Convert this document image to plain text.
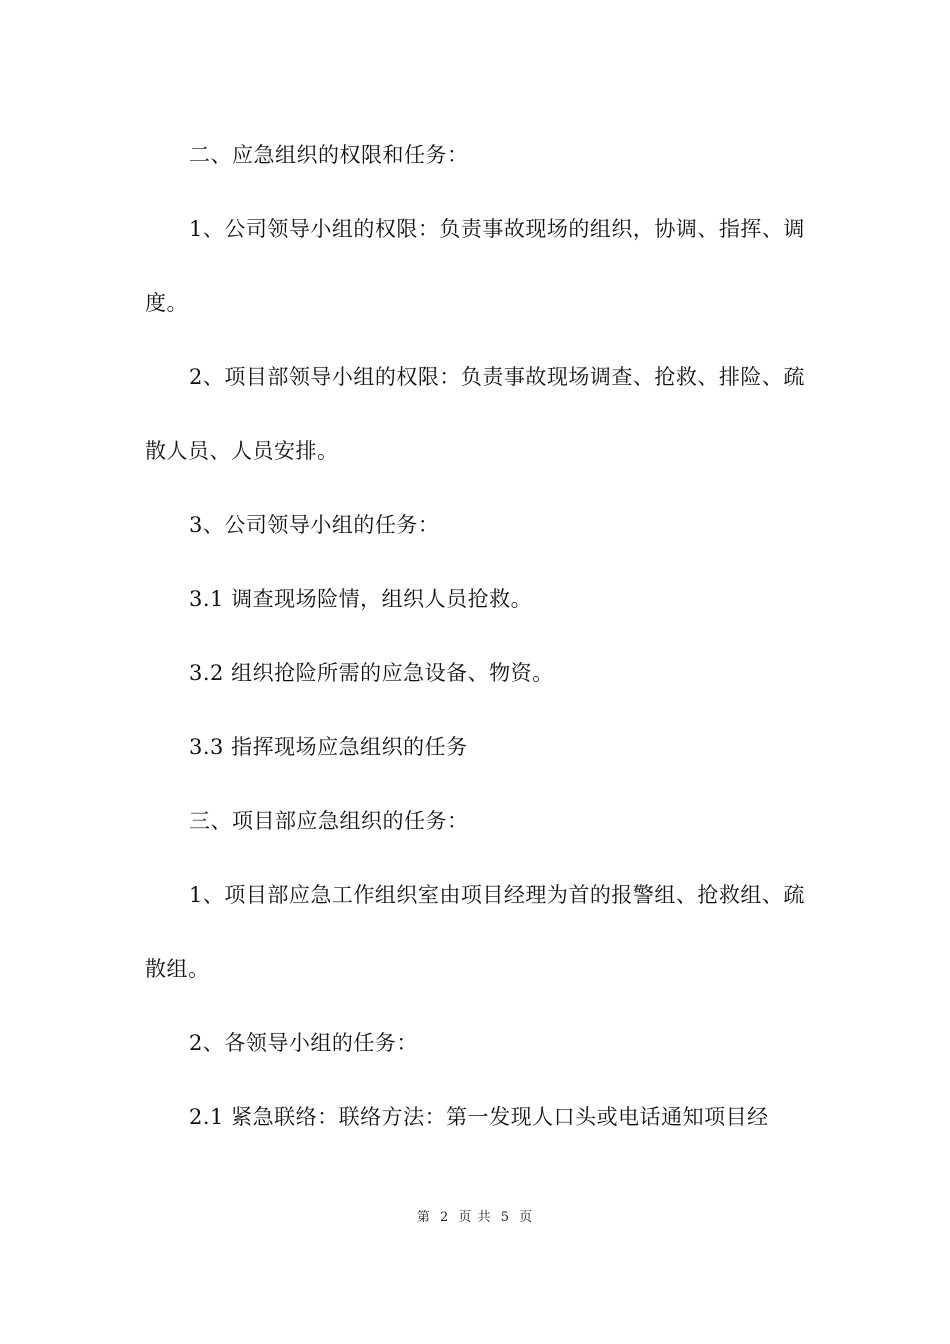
二、应急组织的权限和任务：

1、公司领导小组的权限：负责事故现场的组织，协调、指挥、调度。

2、项目部领导小组的权限：负责事故现场调查、抢救、排险、疏散人员、人员安排。

3、公司领导小组的任务：

3.1 调查现场险情，组织人员抢救。

3.2 组织抢险所需的应急设备、物资。

3.3 指挥现场应急组织的任务

三、项目部应急组织的任务：

1、项目部应急工作组织室由项目经理为首的报警组、抢救组、疏散组。

2、各领导小组的任务：

2.1 紧急联络：联络方法：第一发现人口头或电话通知项目经

第 2 页 共 5 页
